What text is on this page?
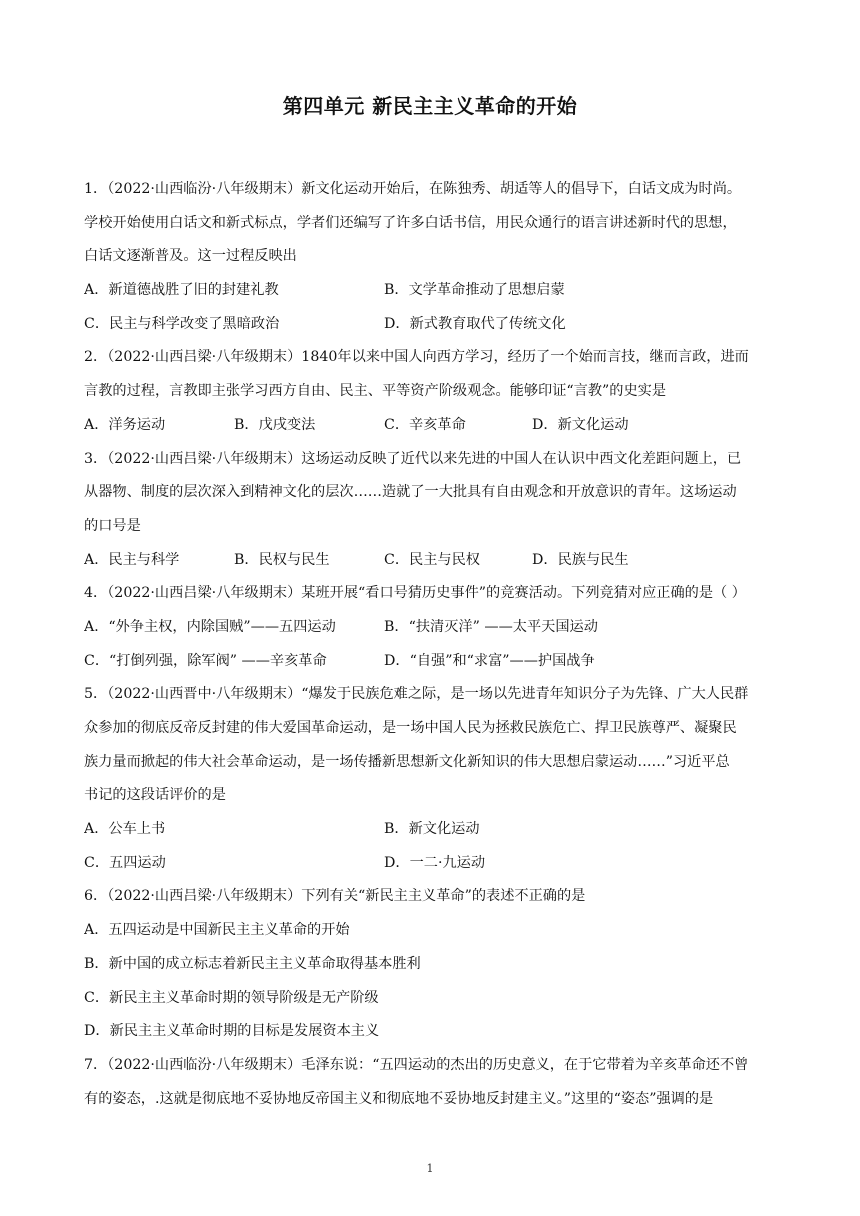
第四单元 新民主主义革命的开始
1．（2022·山西临汾·八年级期末）新文化运动开始后，在陈独秀、胡适等人的倡导下，白话文成为时尚。
学校开始使用白话文和新式标点，学者们还编写了许多白话书信，用民众通行的语言讲述新时代的思想，
白话文逐渐普及。这一过程反映出
A．新道德战胜了旧的封建礼教	B．文学革命推动了思想启蒙
C．民主与科学改变了黑暗政治	D．新式教育取代了传统文化
2．（2022·山西吕梁·八年级期末）1840年以来中国人向西方学习，经历了一个始而言技，继而言政，进而
言教的过程，言教即主张学习西方自由、民主、平等资产阶级观念。能够印证“言教”的史实是
A．洋务运动	B．戊戌变法	C．辛亥革命	D．新文化运动
3．（2022·山西吕梁·八年级期末）这场运动反映了近代以来先进的中国人在认识中西文化差距问题上，已
从器物、制度的层次深入到精神文化的层次……造就了一大批具有自由观念和开放意识的青年。这场运动
的口号是
A．民主与科学	B．民权与民生	C．民主与民权	D．民族与民生
4．（2022·山西吕梁·八年级期末）某班开展“看口号猜历史事件”的竞赛活动。下列竞猜对应正确的是（ ）
A．“外争主权，内除国贼”——五四运动	B．“扶清灭洋” ——太平天国运动
C．“打倒列强，除军阀” ——辛亥革命	D．“自强”和“求富”——护国战争
5．（2022·山西晋中·八年级期末）“爆发于民族危难之际，是一场以先进青年知识分子为先锋、广大人民群
众参加的彻底反帝反封建的伟大爱国革命运动，是一场中国人民为拯救民族危亡、捍卫民族尊严、凝聚民
族力量而掀起的伟大社会革命运动，是一场传播新思想新文化新知识的伟大思想启蒙运动……”习近平总
书记的这段话评价的是
A．公车上书	B．新文化运动
C．五四运动	D．一二·九运动
6．（2022·山西吕梁·八年级期末）下列有关“新民主主义革命”的表述不正确的是
A．五四运动是中国新民主主义革命的开始
B．新中国的成立标志着新民主主义革命取得基本胜利
C．新民主主义革命时期的领导阶级是无产阶级
D．新民主主义革命时期的目标是发展资本主义
7．（2022·山西临汾·八年级期末）毛泽东说：“五四运动的杰出的历史意义，在于它带着为辛亥革命还不曾
有的姿态，.这就是彻底地不妥协地反帝国主义和彻底地不妥协地反封建主义。”这里的“姿态”强调的是
1
